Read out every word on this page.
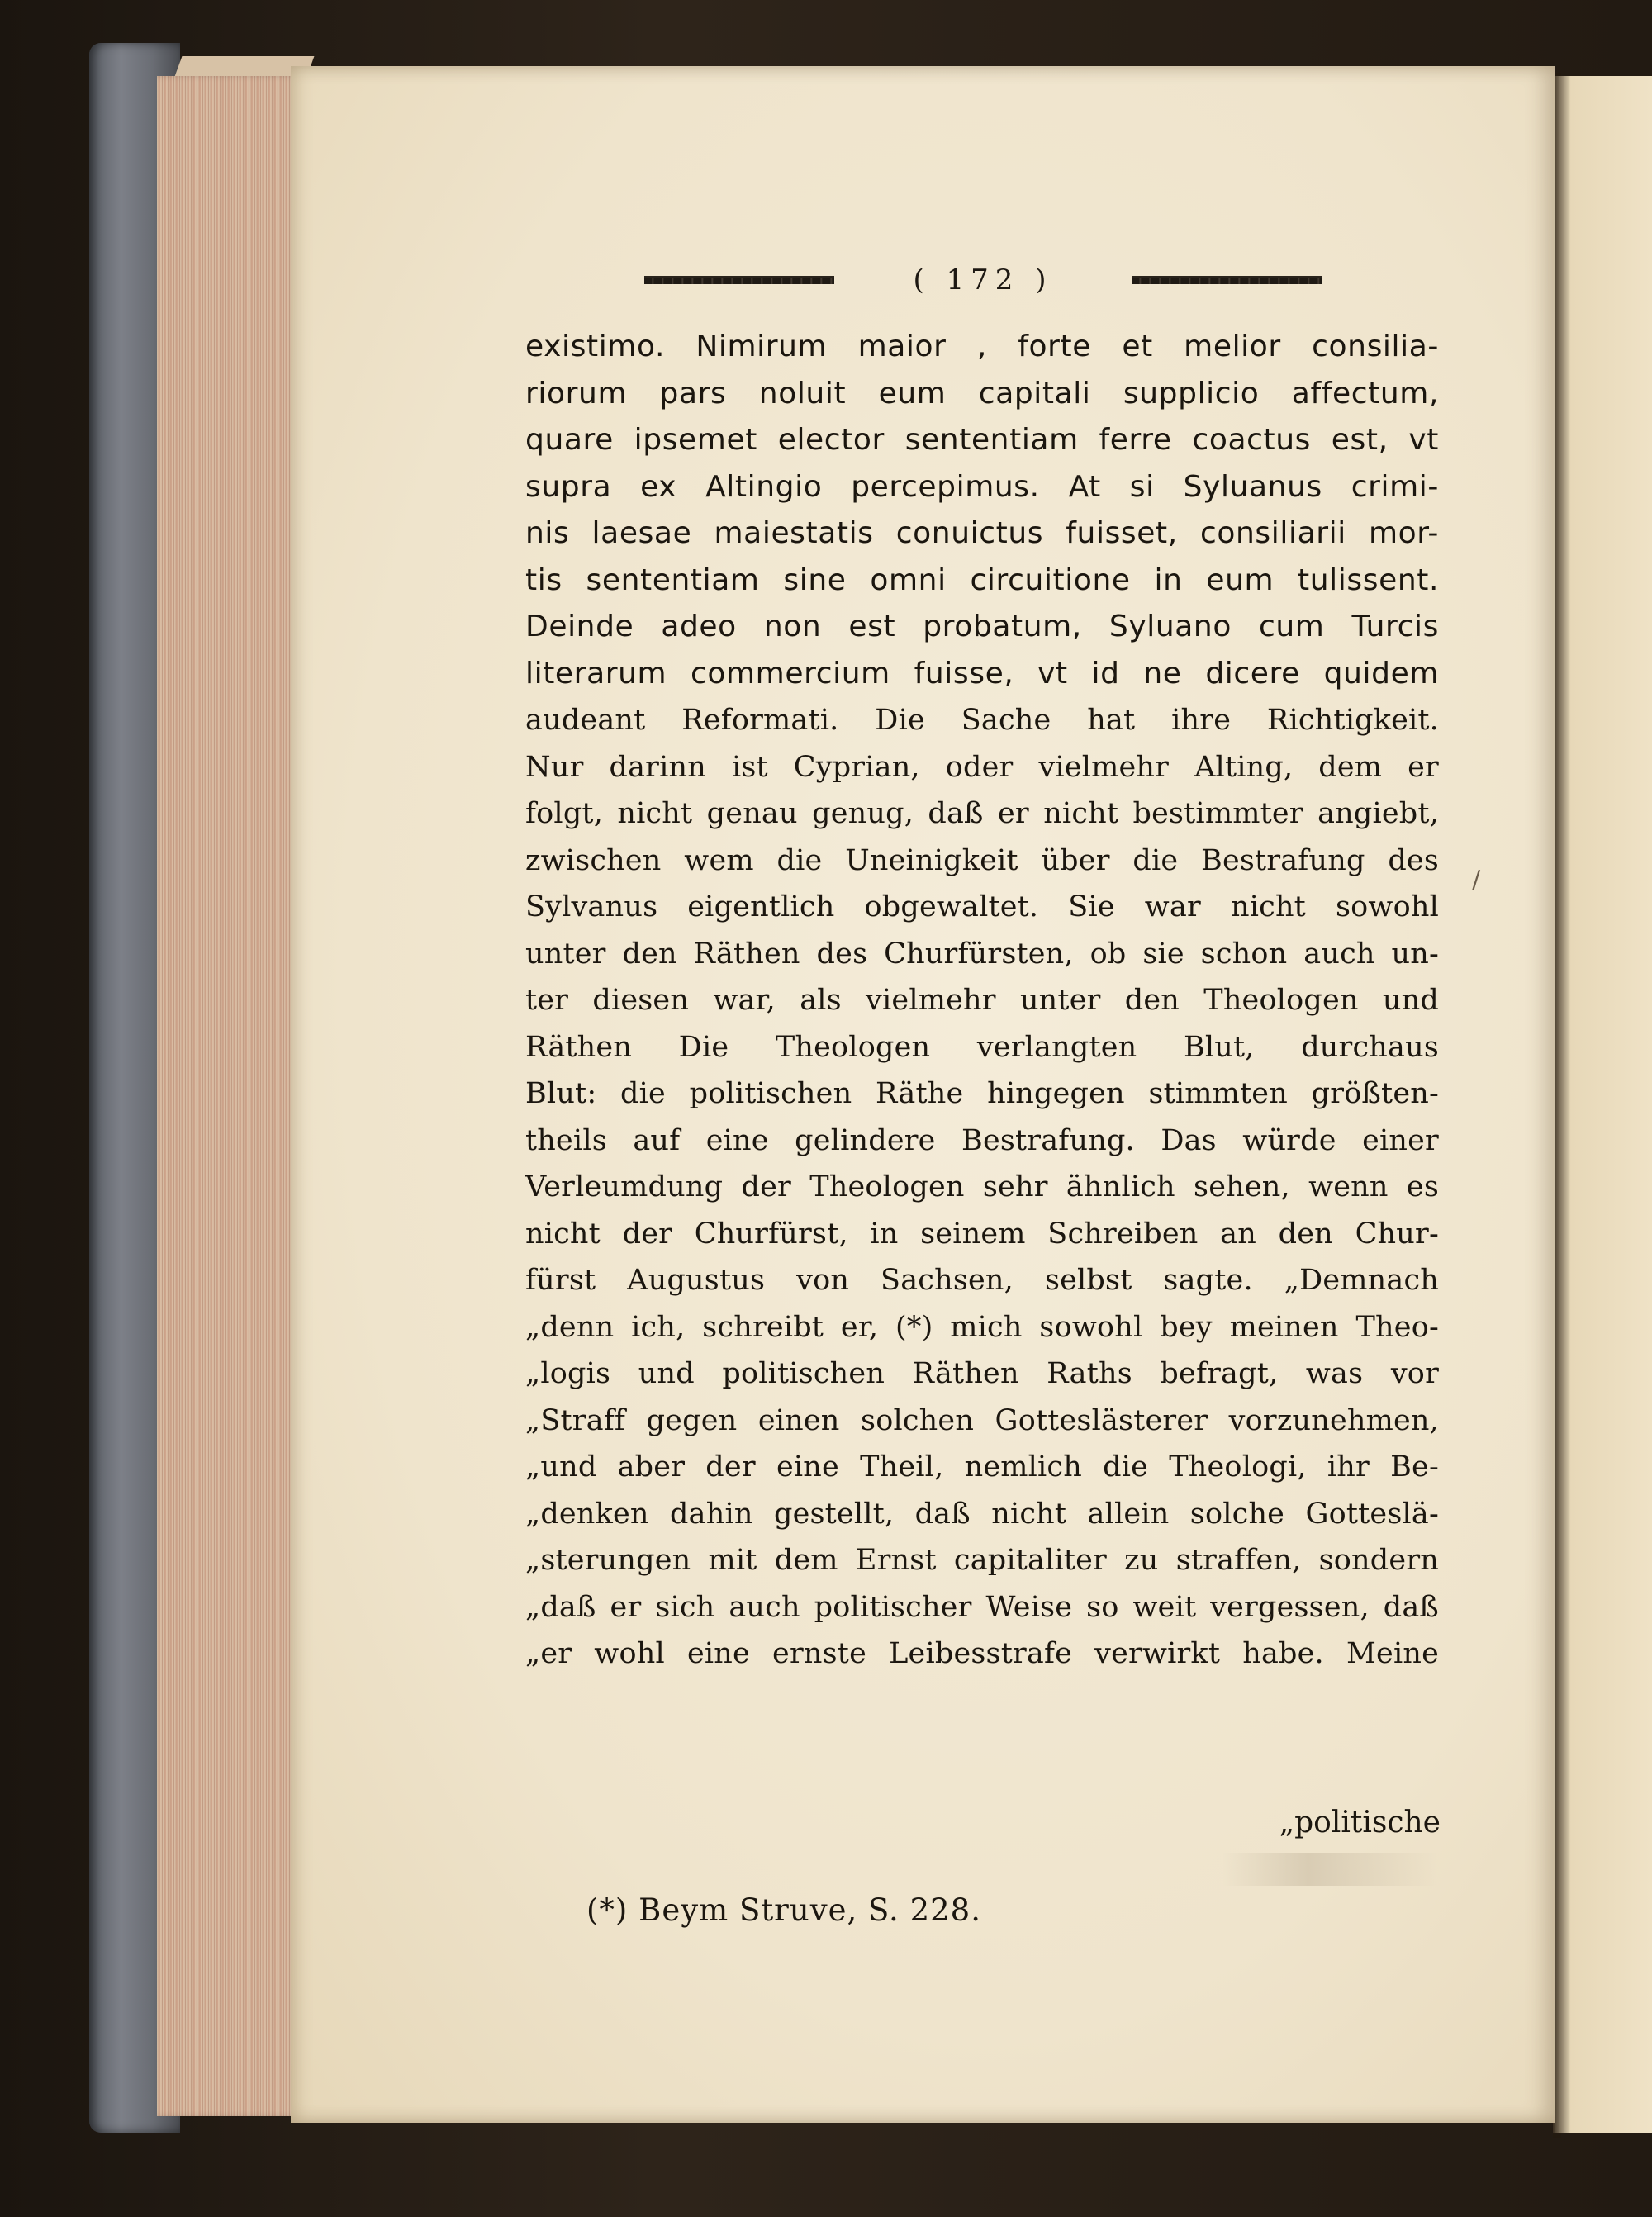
( 172 )
existimo. Nimirum maior , forte et melior consilia-
riorum pars noluit eum capitali supplicio affectum,
quare ipsemet elector sententiam ferre coactus est, vt
supra ex Altingio percepimus. At si Syluanus crimi-
nis laesae maiestatis conuictus fuisset, consiliarii mor-
tis sententiam sine omni circuitione in eum tulissent.
Deinde adeo non est probatum, Syluano cum Turcis
literarum commercium fuisse, vt id ne dicere quidem
audeant Reformati. Die Sache hat ihre Richtigkeit.
Nur darinn ist Cyprian, oder vielmehr Alting, dem er
folgt, nicht genau genug, daß er nicht bestimmter angiebt,
zwischen wem die Uneinigkeit über die Bestrafung des
Sylvanus eigentlich obgewaltet. Sie war nicht sowohl
unter den Räthen des Churfürsten, ob sie schon auch un-
ter diesen war, als vielmehr unter den Theologen und
Räthen Die Theologen verlangten Blut, durchaus
Blut: die politischen Räthe hingegen stimmten größten-
theils auf eine gelindere Bestrafung. Das würde einer
Verleumdung der Theologen sehr ähnlich sehen, wenn es
nicht der Churfürst, in seinem Schreiben an den Chur-
fürst Augustus von Sachsen, selbst sagte. „Demnach
„denn ich, schreibt er, (*) mich sowohl bey meinen Theo-
„logis und politischen Räthen Raths befragt, was vor
„Straff gegen einen solchen Gotteslästerer vorzunehmen,
„und aber der eine Theil, nemlich die Theologi, ihr Be-
„denken dahin gestellt, daß nicht allein solche Gotteslä-
„sterungen mit dem Ernst capitaliter zu straffen, sondern
„daß er sich auch politischer Weise so weit vergessen, daß
„er wohl eine ernste Leibesstrafe verwirkt habe. Meine
„politische
/
(*) Beym Struve, S. 228.
